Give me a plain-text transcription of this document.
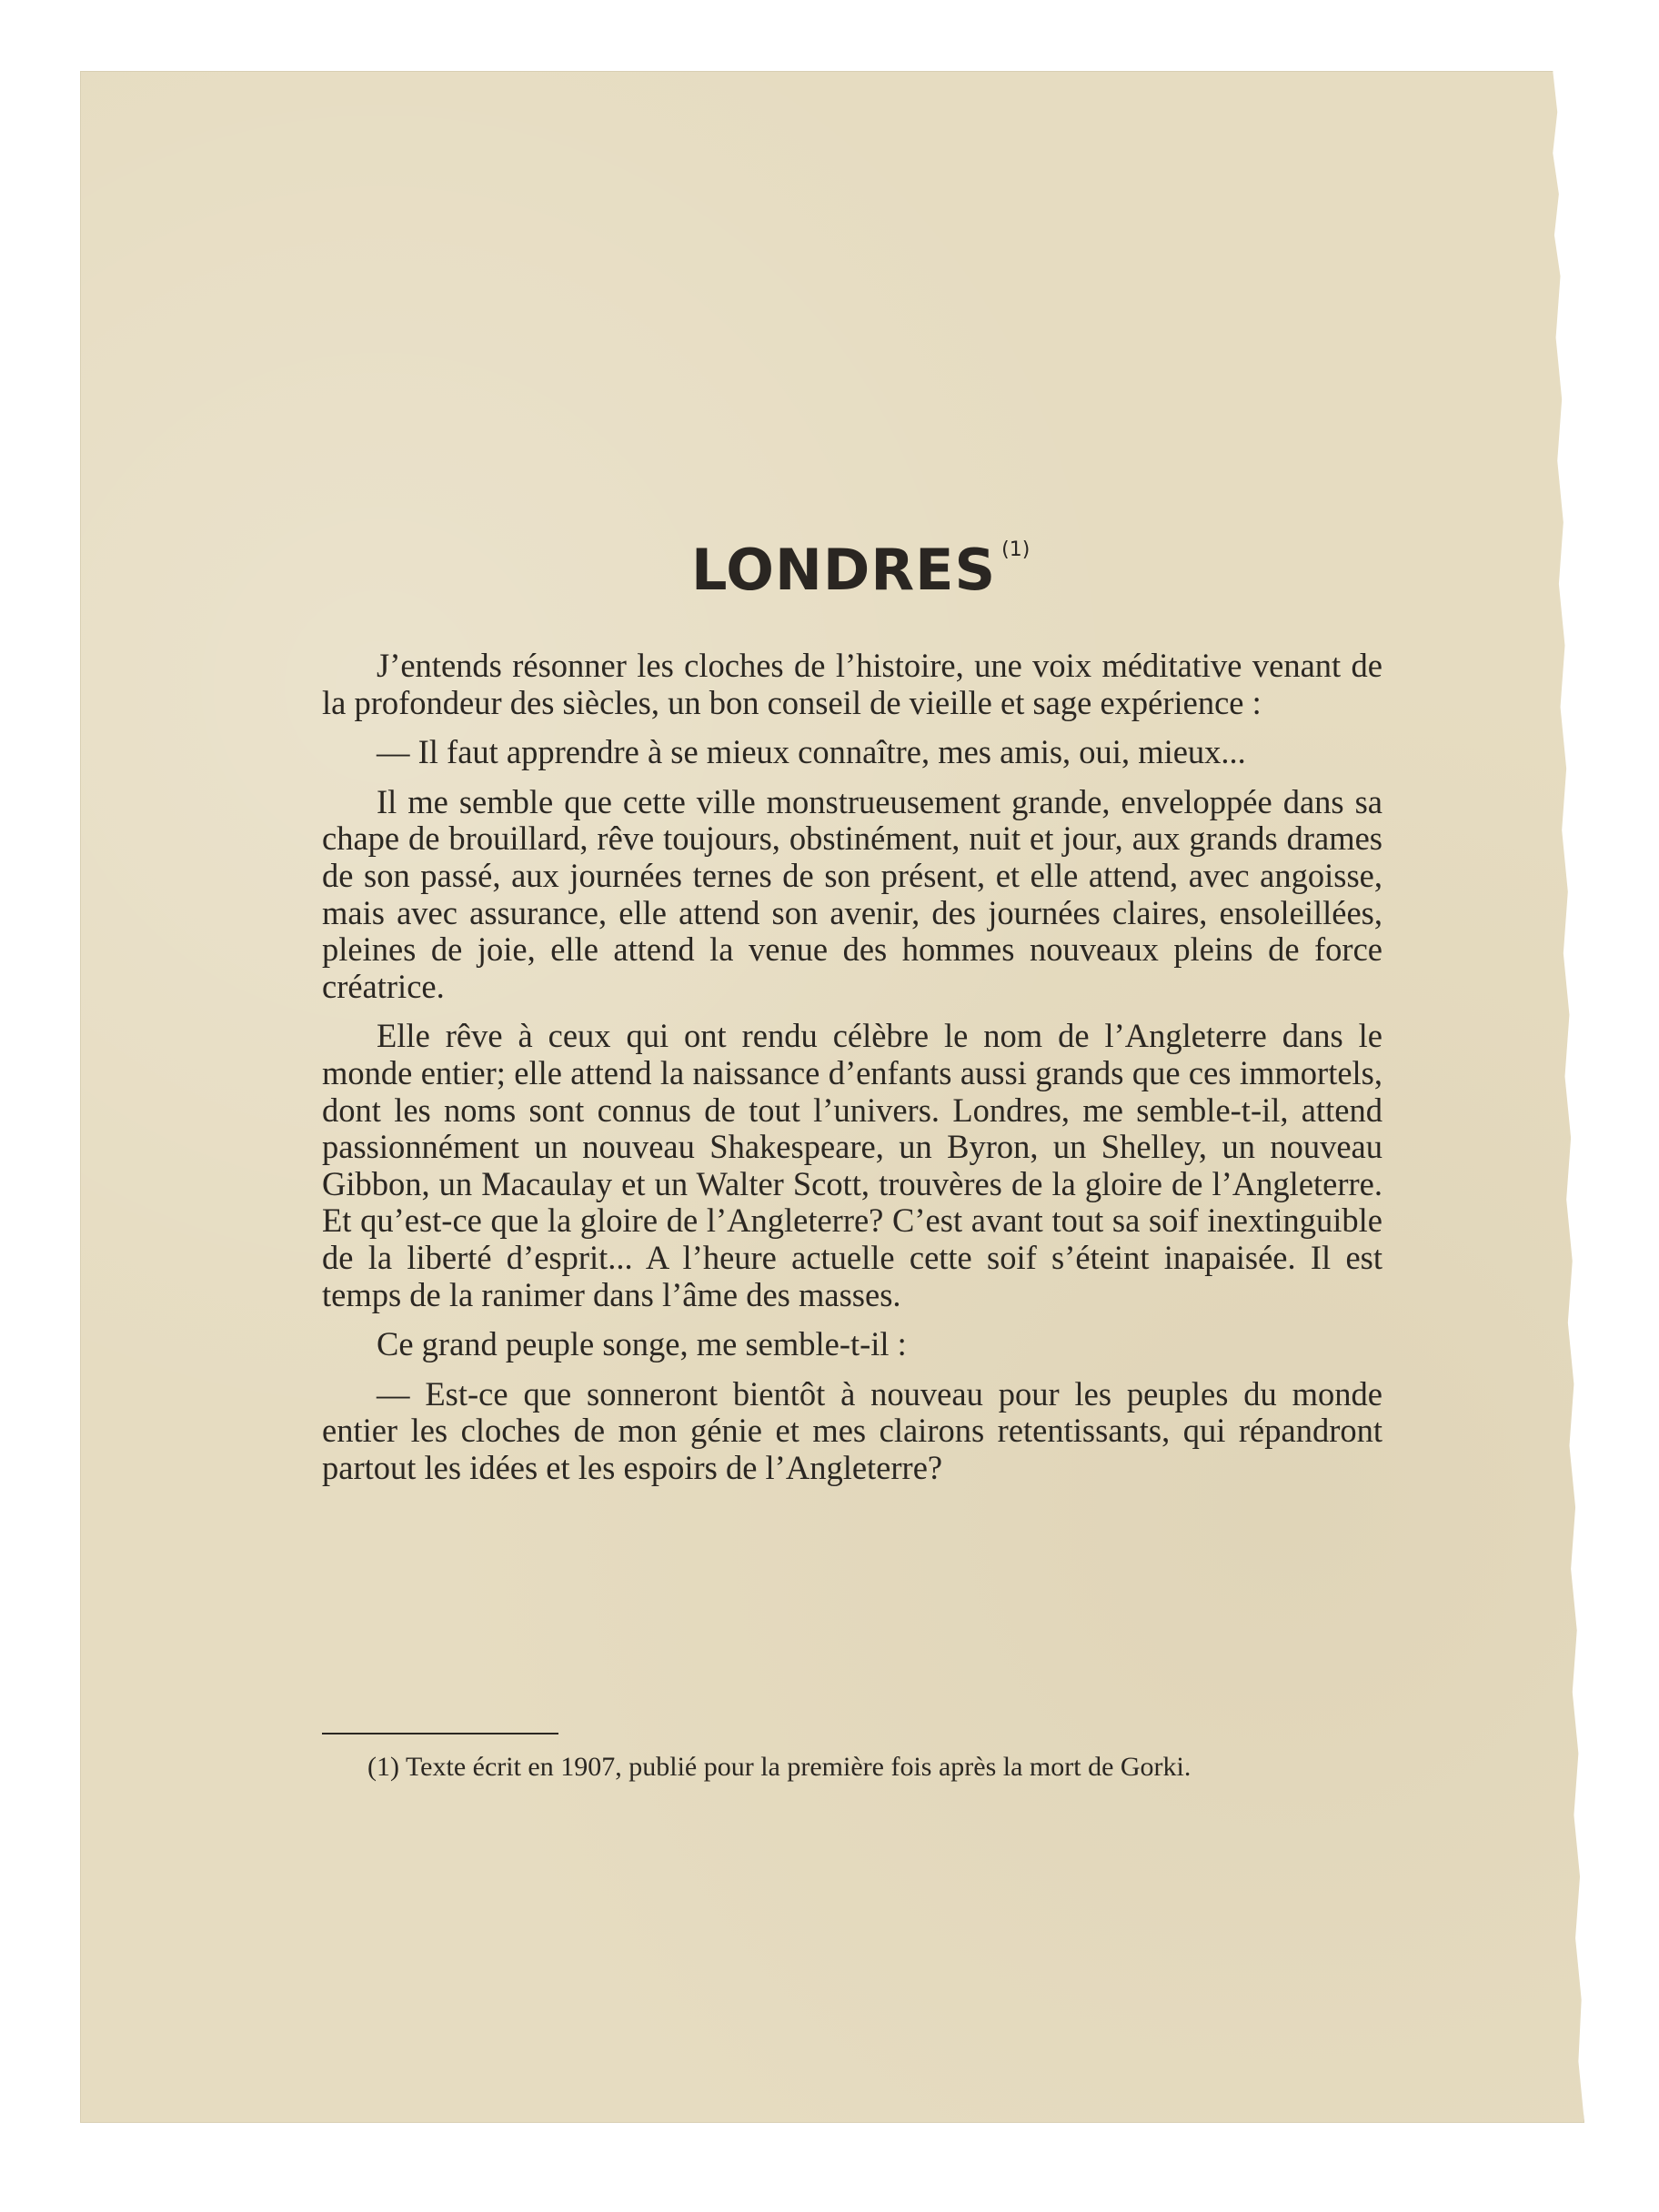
LONDRES $^{(1)}$

J’entends résonner les cloches de l’histoire, une voix méditative venant de la profondeur des siècles, un bon conseil de vieille et sage expérience :

— Il faut apprendre à se mieux connaître, mes amis, oui, mieux...

Il me semble que cette ville monstrueusement grande, enveloppée dans sa chape de brouillard, rêve toujours, obstinément, nuit et jour, aux grands drames de son passé, aux journées ternes de son présent, et elle attend, avec angoisse, mais avec assurance, elle attend son avenir, des journées claires, ensoleillées, pleines de joie, elle attend la venue des hommes nouveaux pleins de force créatrice.

Elle rêve à ceux qui ont rendu célèbre le nom de l’Angleterre dans le monde entier; elle attend la naissance d’enfants aussi grands que ces immortels, dont les noms sont connus de tout l’univers. Londres, me semble-t-il, attend passionnément un nouveau Shakespeare, un Byron, un Shelley, un nouveau Gibbon, un Macaulay et un Walter Scott, trouvères de la gloire de l’Angleterre. Et qu’est-ce que la gloire de l’Angleterre? C’est avant tout sa soif inextinguible de la liberté d’esprit... A l’heure actuelle cette soif s’éteint inapaisée. Il est temps de la ranimer dans l’âme des masses.

Ce grand peuple songe, me semble-t-il :

— Est-ce que sonneront bientôt à nouveau pour les peuples du monde entier les cloches de mon génie et mes clairons retentissants, qui répandront partout les idées et les espoirs de l’Angleterre?

(1) Texte écrit en 1907, publié pour la première fois après la mort de Gorki.
